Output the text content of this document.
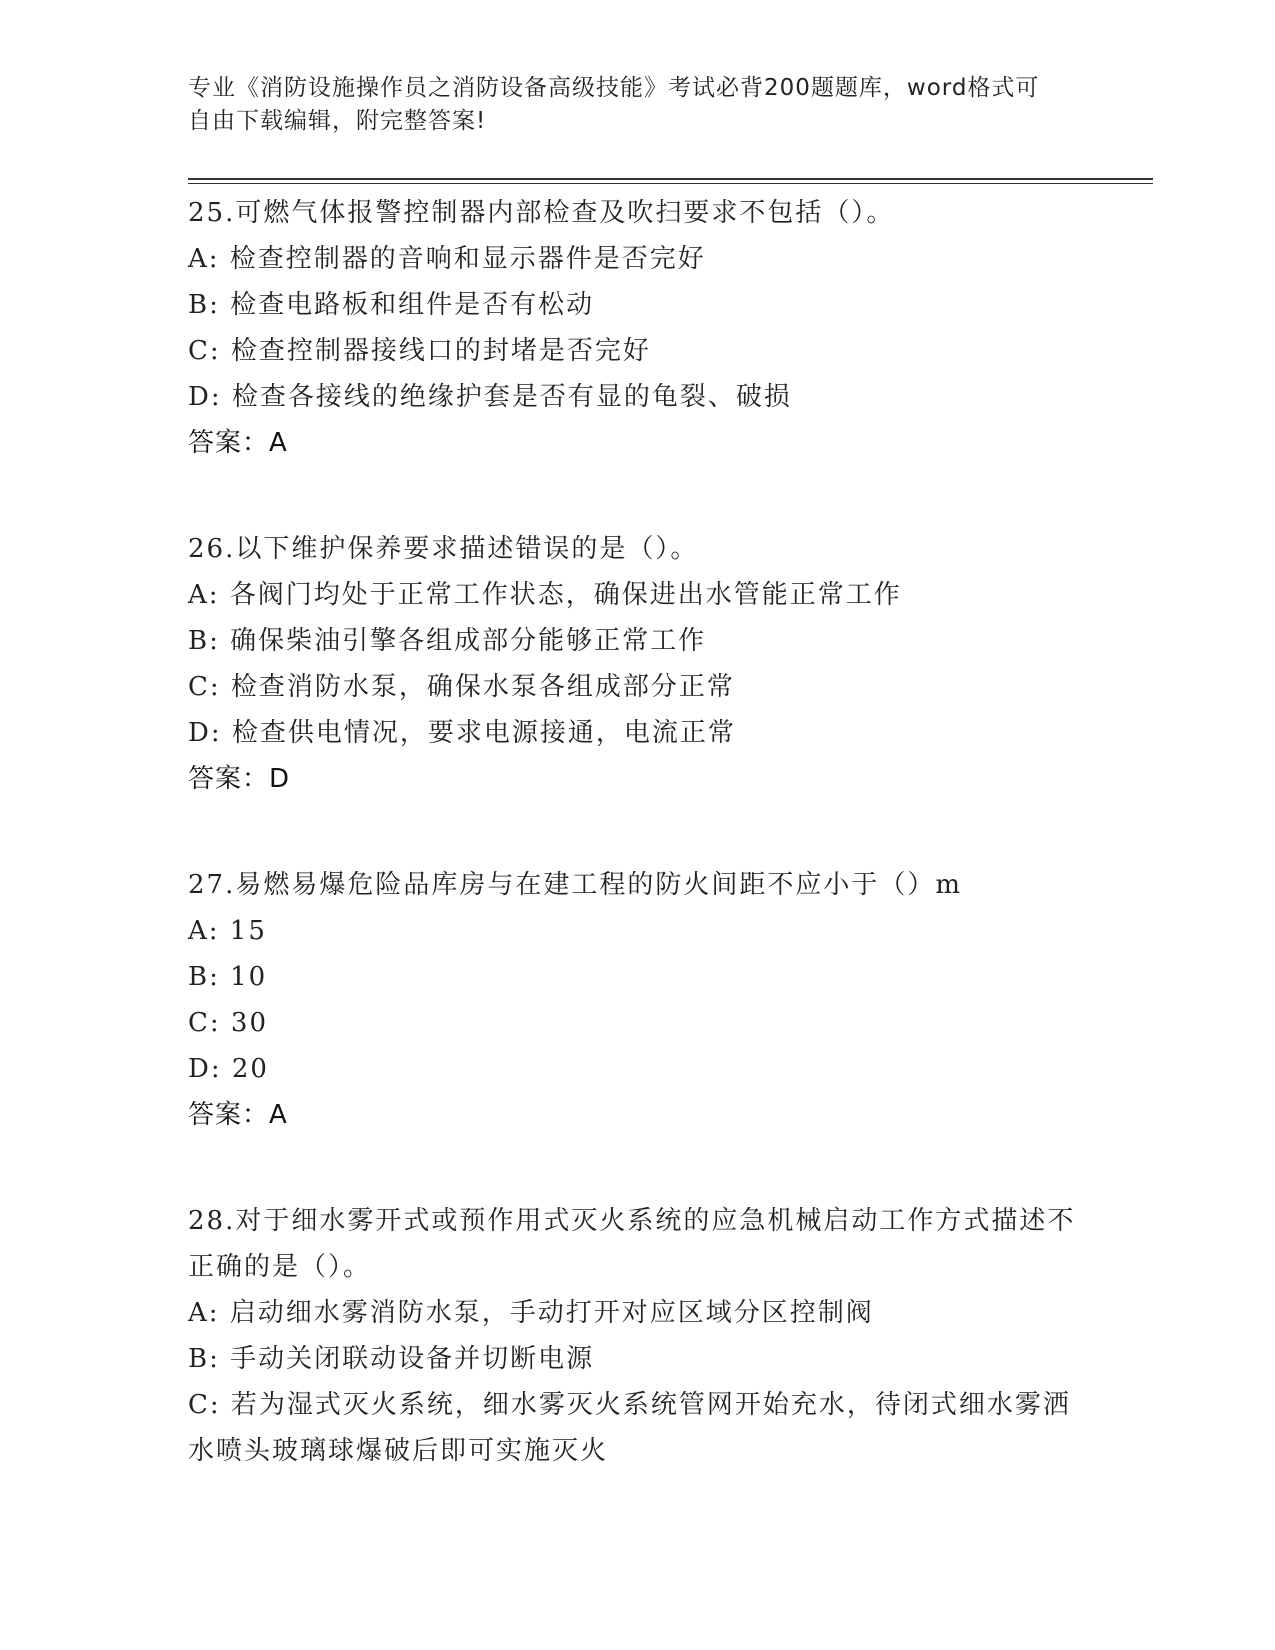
专业《消防设施操作员之消防设备高级技能》考试必背200题题库，word格式可
自由下载编辑，附完整答案!
25.可燃气体报警控制器内部检查及吹扫要求不包括（）。
A: 检查控制器的音响和显示器件是否完好
B: 检查电路板和组件是否有松动
C: 检查控制器接线口的封堵是否完好
D: 检查各接线的绝缘护套是否有显的龟裂、破损
答案：A
26.以下维护保养要求描述错误的是（）。
A: 各阀门均处于正常工作状态，确保进出水管能正常工作
B: 确保柴油引擎各组成部分能够正常工作
C: 检查消防水泵，确保水泵各组成部分正常
D: 检查供电情况，要求电源接通，电流正常
答案：D
27.易燃易爆危险品库房与在建工程的防火间距不应小于（）m
A: 15
B: 10
C: 30
D: 20
答案：A
28.对于细水雾开式或预作用式灭火系统的应急机械启动工作方式描述不正确的是（）。
A: 启动细水雾消防水泵，手动打开对应区域分区控制阀
B: 手动关闭联动设备并切断电源
C: 若为湿式灭火系统，细水雾灭火系统管网开始充水，待闭式细水雾洒水喷头玻璃球爆破后即可实施灭火
